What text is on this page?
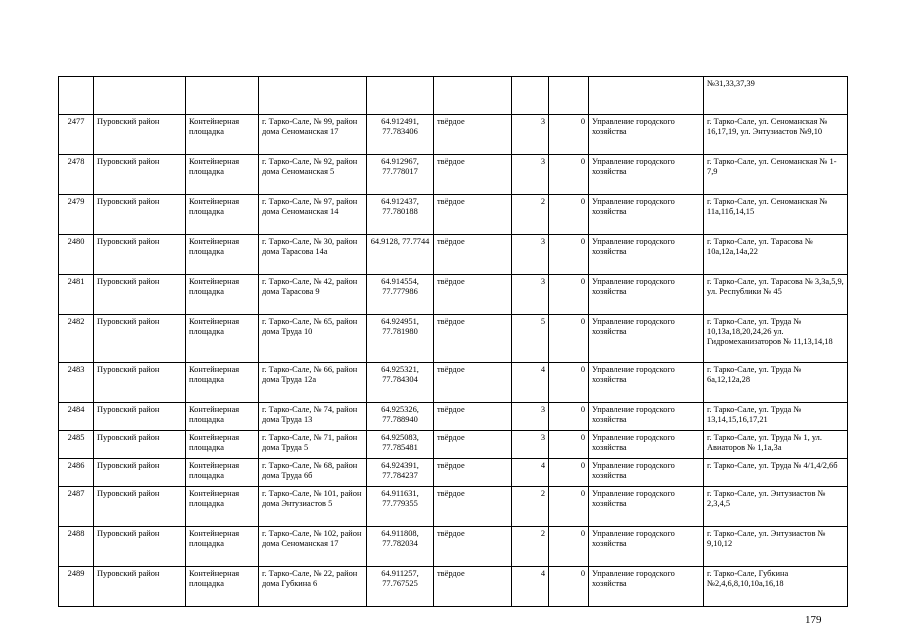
									№31,33,37,39
2477	Пуровский район	Контейнерная площадка	г. Тарко-Сале, № 99, район дома Сеноманская 17	64.912491, 77.783406	твёрдое	3	0	Управление городского хозяйства	г. Тарко-Сале, ул. Сеноманская № 16,17,19, ул. Энтузиастов №9,10
2478	Пуровский район	Контейнерная площадка	г. Тарко-Сале, № 92, район дома Сеноманская 5	64.912967, 77.778017	твёрдое	3	0	Управление городского хозяйства	г. Тарко-Сале, ул. Сеноманская № 1-7,9
2479	Пуровский район	Контейнерная площадка	г. Тарко-Сале, № 97, район дома Сеноманская 14	64.912437, 77.780188	твёрдое	2	0	Управление городского хозяйства	г. Тарко-Сале, ул. Сеноманская № 11а,11б,14,15
2480	Пуровский район	Контейнерная площадка	г. Тарко-Сале, № 30, район дома Тарасова 14а	64.9128, 77.7744	твёрдое	3	0	Управление городского хозяйства	г. Тарко-Сале, ул. Тарасова № 10а,12а,14а,22
2481	Пуровский район	Контейнерная площадка	г. Тарко-Сале, № 42, район дома Тарасова 9	64.914554, 77.777986	твёрдое	3	0	Управление городского хозяйства	г. Тарко-Сале, ул. Тарасова № 3,3а,5,9, ул. Республики № 45
2482	Пуровский район	Контейнерная площадка	г. Тарко-Сале, № 65, район дома Труда 10	64.924951, 77.781980	твёрдое	5	0	Управление городского хозяйства	г. Тарко-Сале, ул. Труда № 10,13а,18,20,24,26 ул. Гидромеханизаторов № 11,13,14,18
2483	Пуровский район	Контейнерная площадка	г. Тарко-Сале, № 66, район дома Труда 12а	64.925321, 77.784304	твёрдое	4	0	Управление городского хозяйства	г. Тарко-Сале, ул. Труда № 6а,12,12а,28
2484	Пуровский район	Контейнерная площадка	г. Тарко-Сале, № 74, район дома Труда 13	64.925326, 77.788940	твёрдое	3	0	Управление городского хозяйства	г. Тарко-Сале, ул. Труда № 13,14,15,16,17,21
2485	Пуровский район	Контейнерная площадка	г. Тарко-Сале, № 71, район дома Труда 5	64.925083, 77.785481	твёрдое	3	0	Управление городского хозяйства	г. Тарко-Сале, ул. Труда № 1, ул. Авиаторов № 1,1а,3а
2486	Пуровский район	Контейнерная площадка	г. Тарко-Сале, № 68, район дома Труда 6б	64.924391, 77.784237	твёрдое	4	0	Управление городского хозяйства	г. Тарко-Сале, ул. Труда № 4/1,4/2,6б
2487	Пуровский район	Контейнерная площадка	г. Тарко-Сале, № 101, район дома Энтузиастов 5	64.911631, 77.779355	твёрдое	2	0	Управление городского хозяйства	г. Тарко-Сале, ул. Энтузиастов № 2,3,4,5
2488	Пуровский район	Контейнерная площадка	г. Тарко-Сале, № 102, район дома Сеноманская 17	64.911808, 77.782034	твёрдое	2	0	Управление городского хозяйства	г. Тарко-Сале, ул. Энтузиастов № 9,10,12
2489	Пуровский район	Контейнерная площадка	г. Тарко-Сале, № 22, район дома Губкина 6	64.911257, 77.767525	твёрдое	4	0	Управление городского хозяйства	г. Тарко-Сале, Губкина №2,4,6,8,10,10а,16,18
179
